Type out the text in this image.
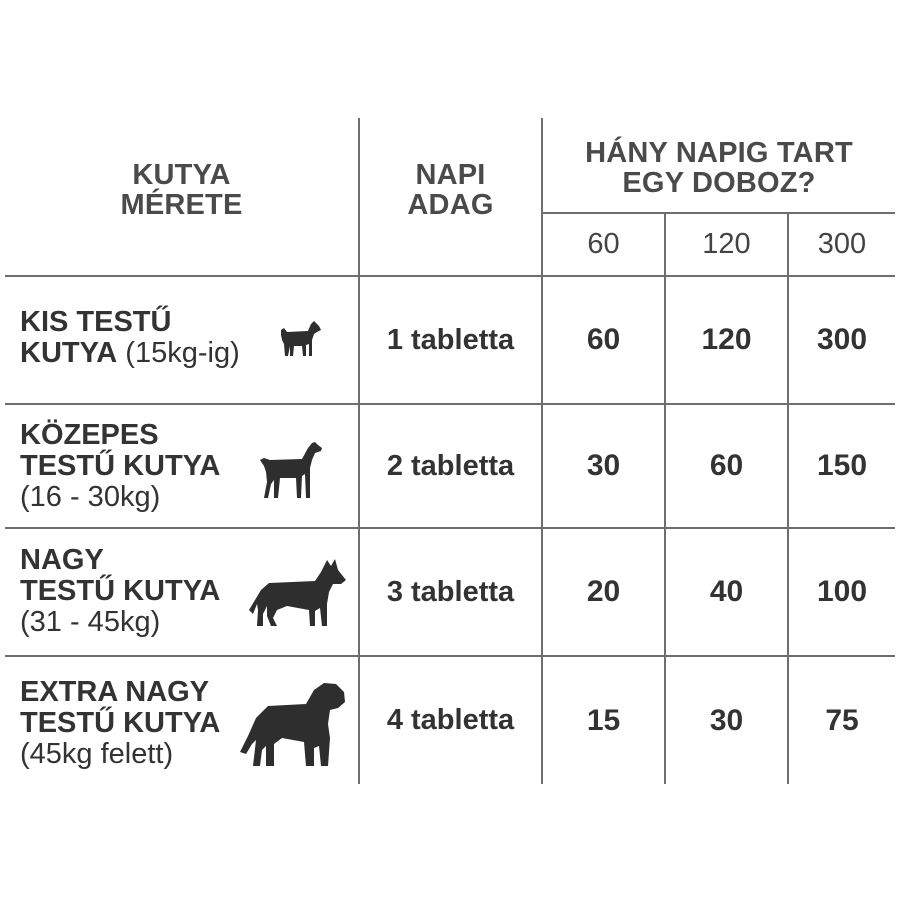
KUTYA
MÉRETE
NAPI
ADAG
HÁNY NAPIG TART
EGY DOBOZ?
60	120	300
KIS TESTŰ
KUTYA (15kg-ig)	1 tabletta	60	120	300
KÖZEPES
TESTŰ KUTYA
(16 - 30kg)
2 tabletta	30	60	150
NAGY
TESTŰ KUTYA
(31 - 45kg)
3 tabletta	20	40	100
EXTRA NAGY
TESTŰ KUTYA
(45kg felett)
4 tabletta	15	30	75
